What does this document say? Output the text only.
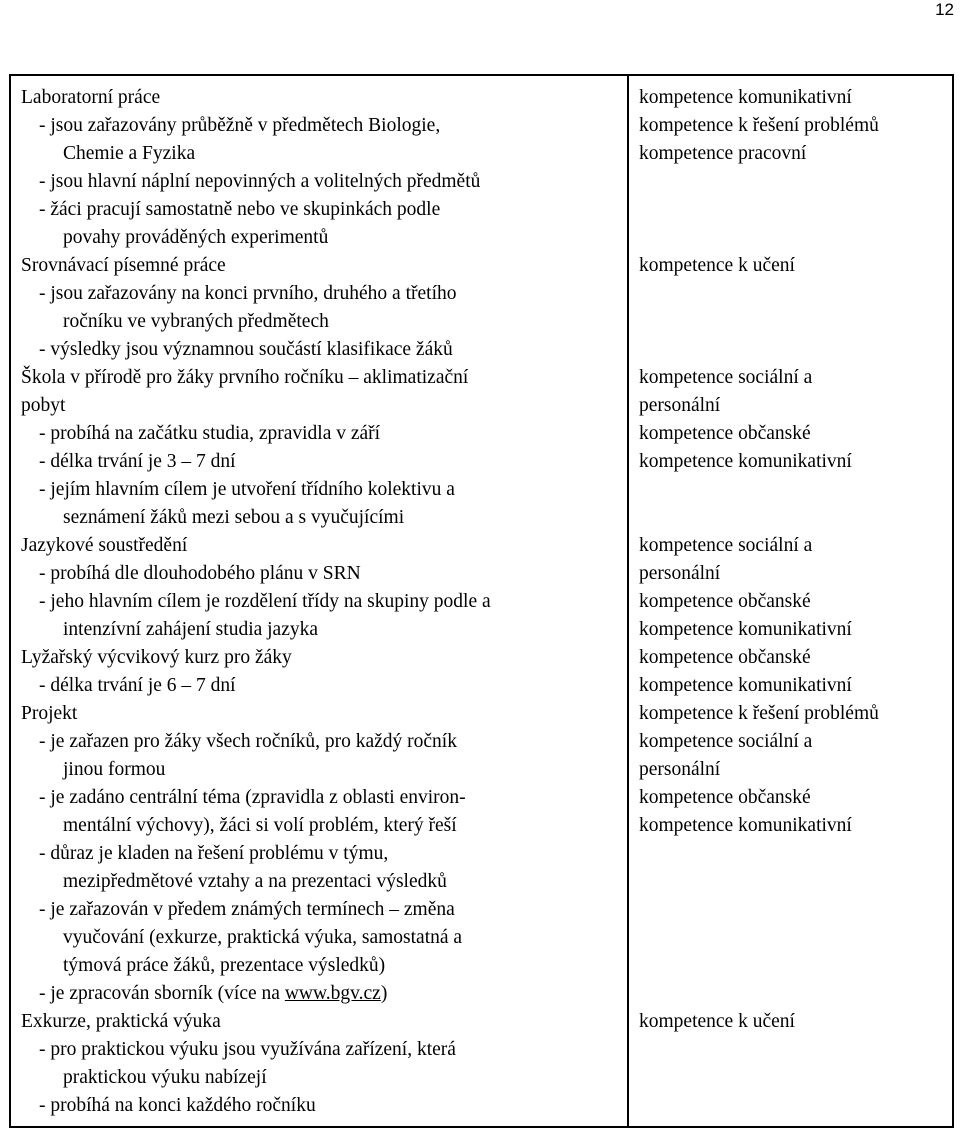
12
Laboratorní práce
- jsou zařazovány průběžně v předmětech Biologie,
Chemie a Fyzika
- jsou hlavní náplní nepovinných a volitelných předmětů
- žáci pracují samostatně nebo ve skupinkách podle
povahy prováděných experimentů
kompetence komunikativní
kompetence k řešení problémů
kompetence pracovní
Srovnávací písemné práce
- jsou zařazovány na konci prvního, druhého a třetího
ročníku ve vybraných předmětech
- výsledky jsou významnou součástí klasifikace žáků
kompetence k učení
Škola v přírodě pro žáky prvního ročníku – aklimatizační
pobyt
- probíhá na začátku studia, zpravidla v září
- délka trvání je 3 – 7 dní
- jejím hlavním cílem je utvoření třídního kolektivu a
seznámení žáků mezi sebou a s vyučujícími
kompetence sociální a
personální
kompetence občanské
kompetence komunikativní
Jazykové soustředění
- probíhá dle dlouhodobého plánu v SRN
- jeho hlavním cílem je rozdělení třídy na skupiny podle a
intenzívní zahájení studia jazyka
kompetence sociální a
personální
kompetence občanské
kompetence komunikativní
Lyžařský výcvikový kurz pro žáky
- délka trvání je 6 – 7 dní
kompetence občanské
kompetence komunikativní
Projekt
- je zařazen pro žáky všech ročníků, pro každý ročník
jinou formou
- je zadáno centrální téma (zpravidla z oblasti environ-
mentální výchovy), žáci si volí problém, který řeší
- důraz je kladen na řešení problému v týmu,
mezipředmětové vztahy a na prezentaci výsledků
- je zařazován v předem známých termínech – změna
vyučování (exkurze, praktická výuka, samostatná a
týmová práce žáků, prezentace výsledků)
- je zpracován sborník (více na www.bgv.cz)
kompetence k řešení problémů
kompetence sociální a
personální
kompetence občanské
kompetence komunikativní
Exkurze, praktická výuka
- pro praktickou výuku jsou využívána zařízení, která
praktickou výuku nabízejí
- probíhá na konci každého ročníku
kompetence k učení
